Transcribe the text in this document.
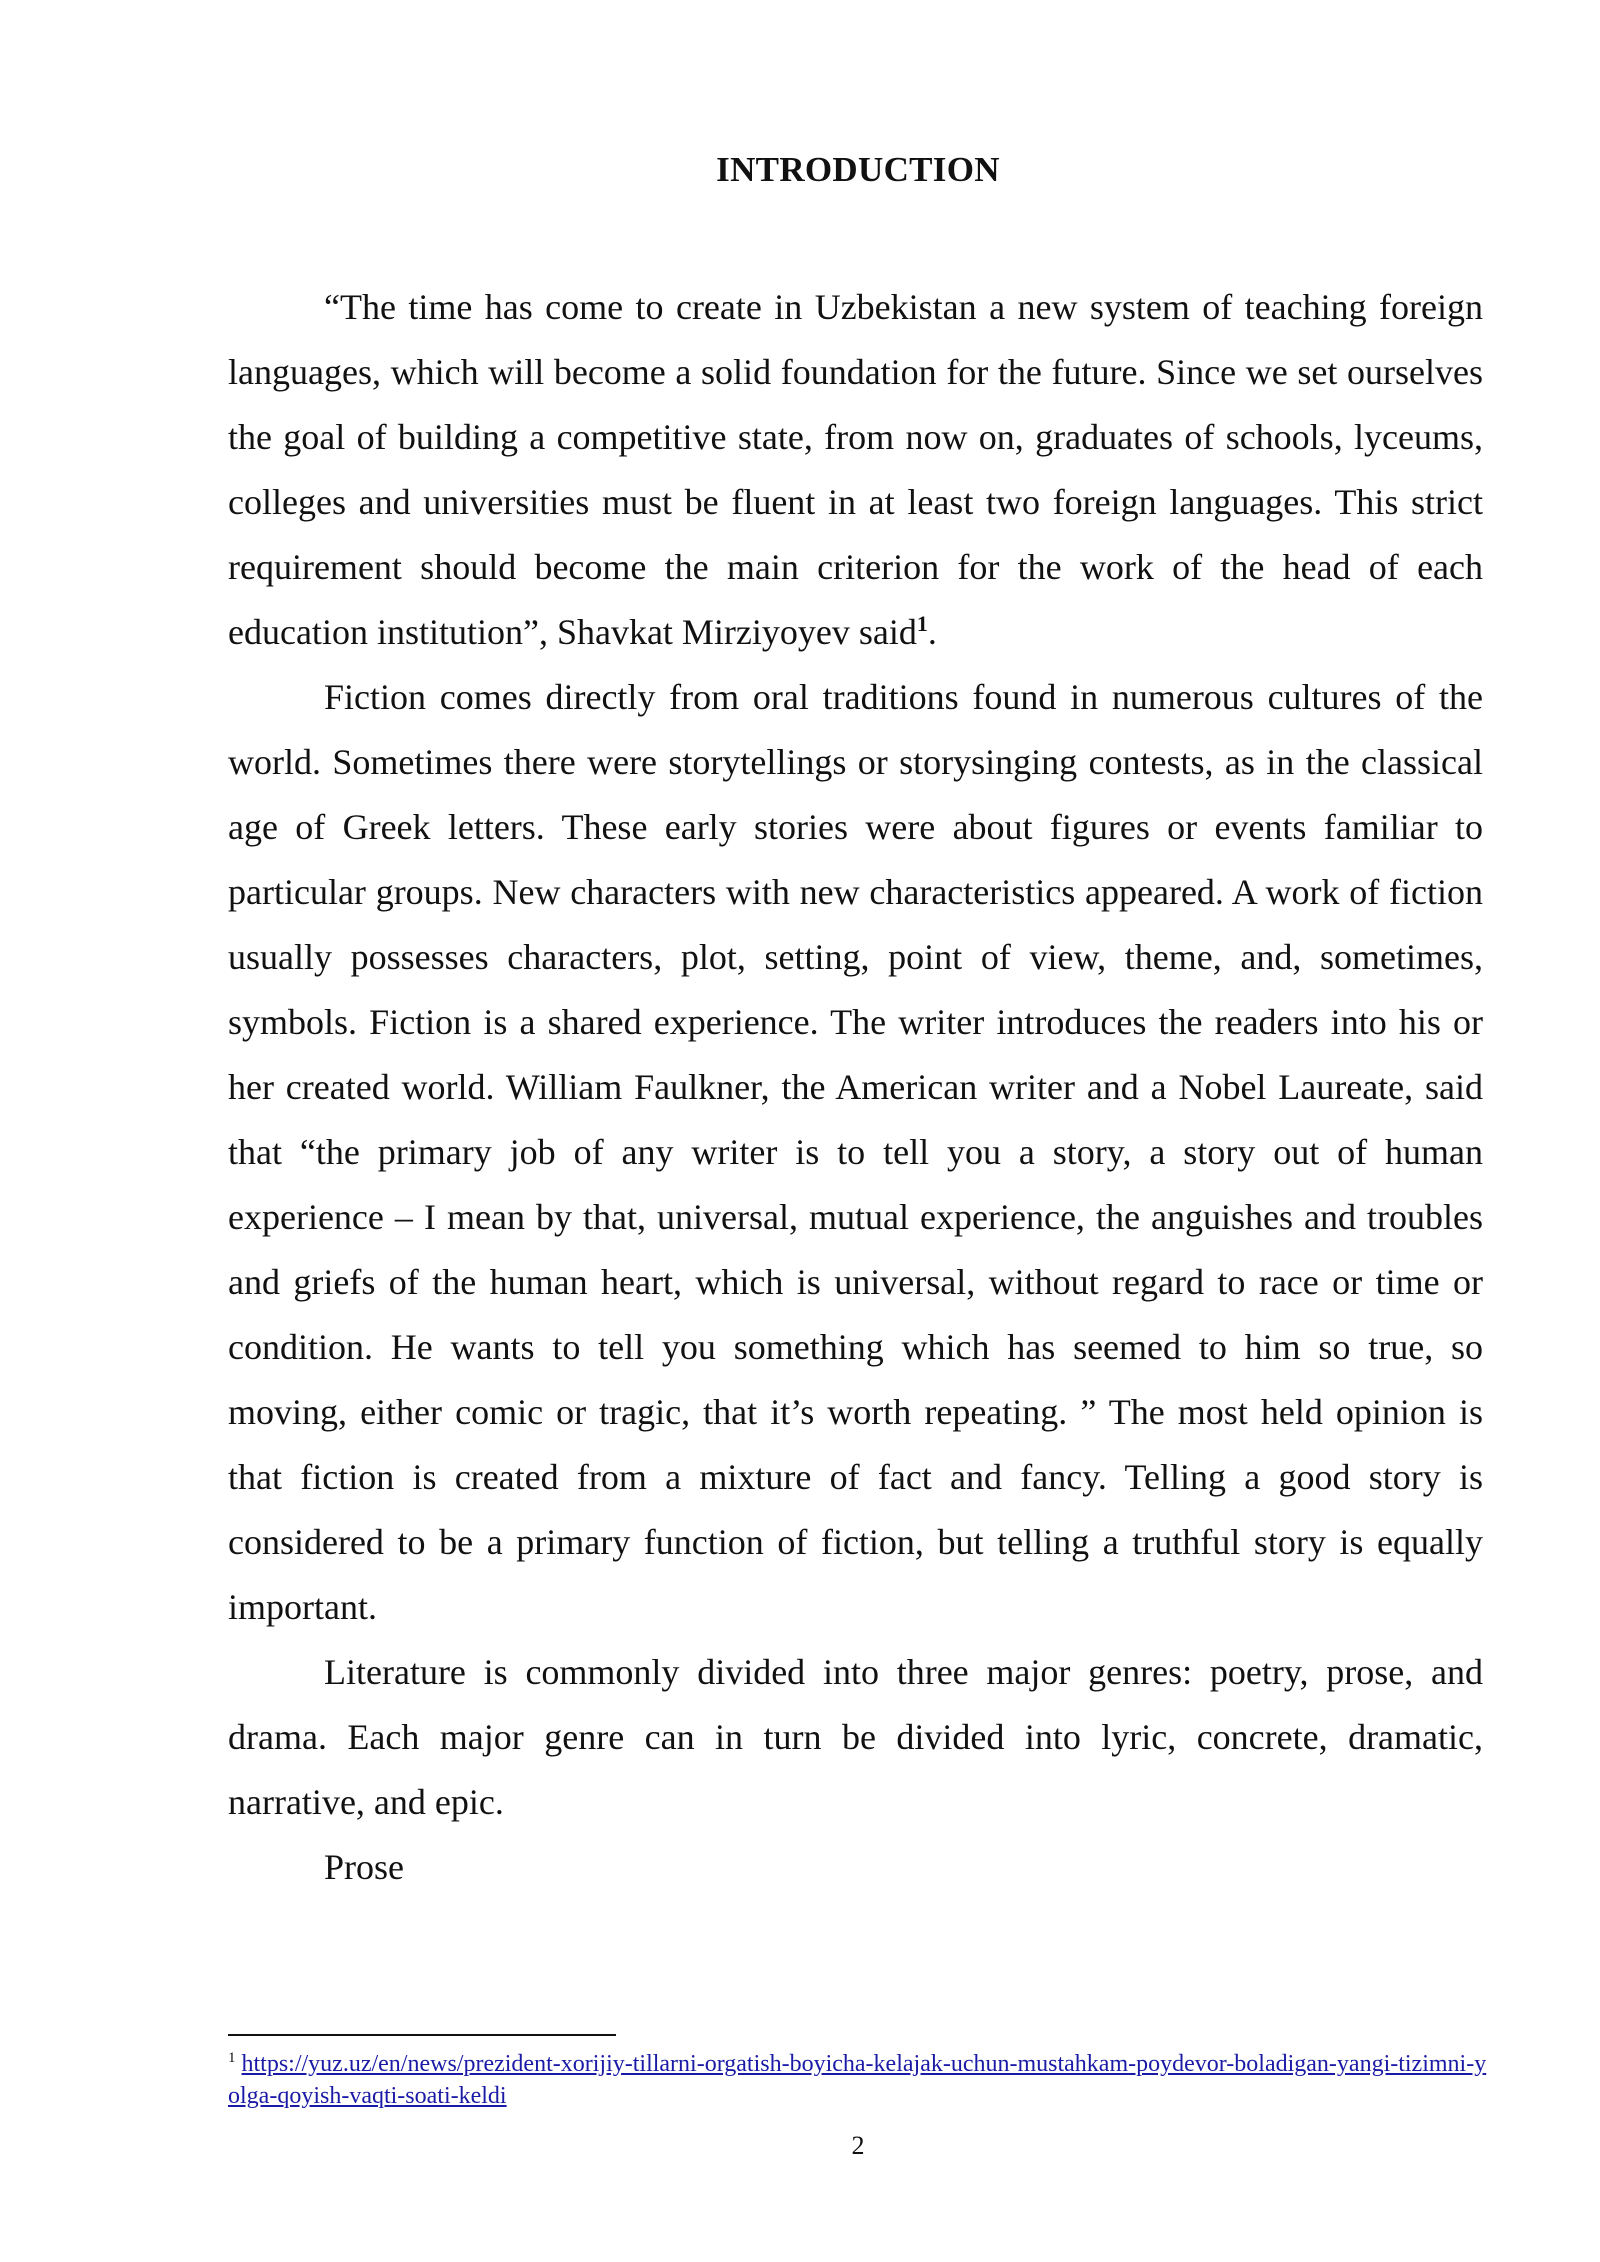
INTRODUCTION

“The time has come to create in Uzbekistan a new system of teaching foreign languages, which will become a solid foundation for the future. Since we set ourselves the goal of building a competitive state, from now on, graduates of schools, lyceums, colleges and universities must be fluent in at least two foreign languages. This strict requirement should become the main criterion for the work of the head of each education institution”, Shavkat Mirziyoyev said$^1$.

Fiction comes directly from oral traditions found in numerous cultures of the world. Sometimes there were storytellings or storysinging contests, as in the classical age of Greek letters. These early stories were about figures or events familiar to particular groups. New characters with new characteristics appeared. A work of fiction usually possesses characters, plot, setting, point of view, theme, and, sometimes, symbols. Fiction is a shared experience. The writer introduces the readers into his or her created world. William Faulkner, the American writer and a Nobel Laureate, said that “the primary job of any writer is to tell you a story, a story out of human experience – I mean by that, universal, mutual experience, the anguishes and troubles and griefs of the human heart, which is universal, without regard to race or time or condition. He wants to tell you something which has seemed to him so true, so moving, either comic or tragic, that it’s worth repeating. ” The most held opinion is that fiction is created from a mixture of fact and fancy. Telling a good story is considered to be a primary function of fiction, but telling a truthful story is equally important.

Literature is commonly divided into three major genres: poetry, prose, and drama. Each major genre can in turn be divided into lyric, concrete, dramatic, narrative, and epic.

Prose

$^1$ https://yuz.uz/en/news/prezident-xorijiy-tillarni-orgatish-boyicha-kelajak-uchun-mustahkam-poydevor-boladigan-yangi-tizimni-yolga-qoyish-vaqti-soati-keldi
2
